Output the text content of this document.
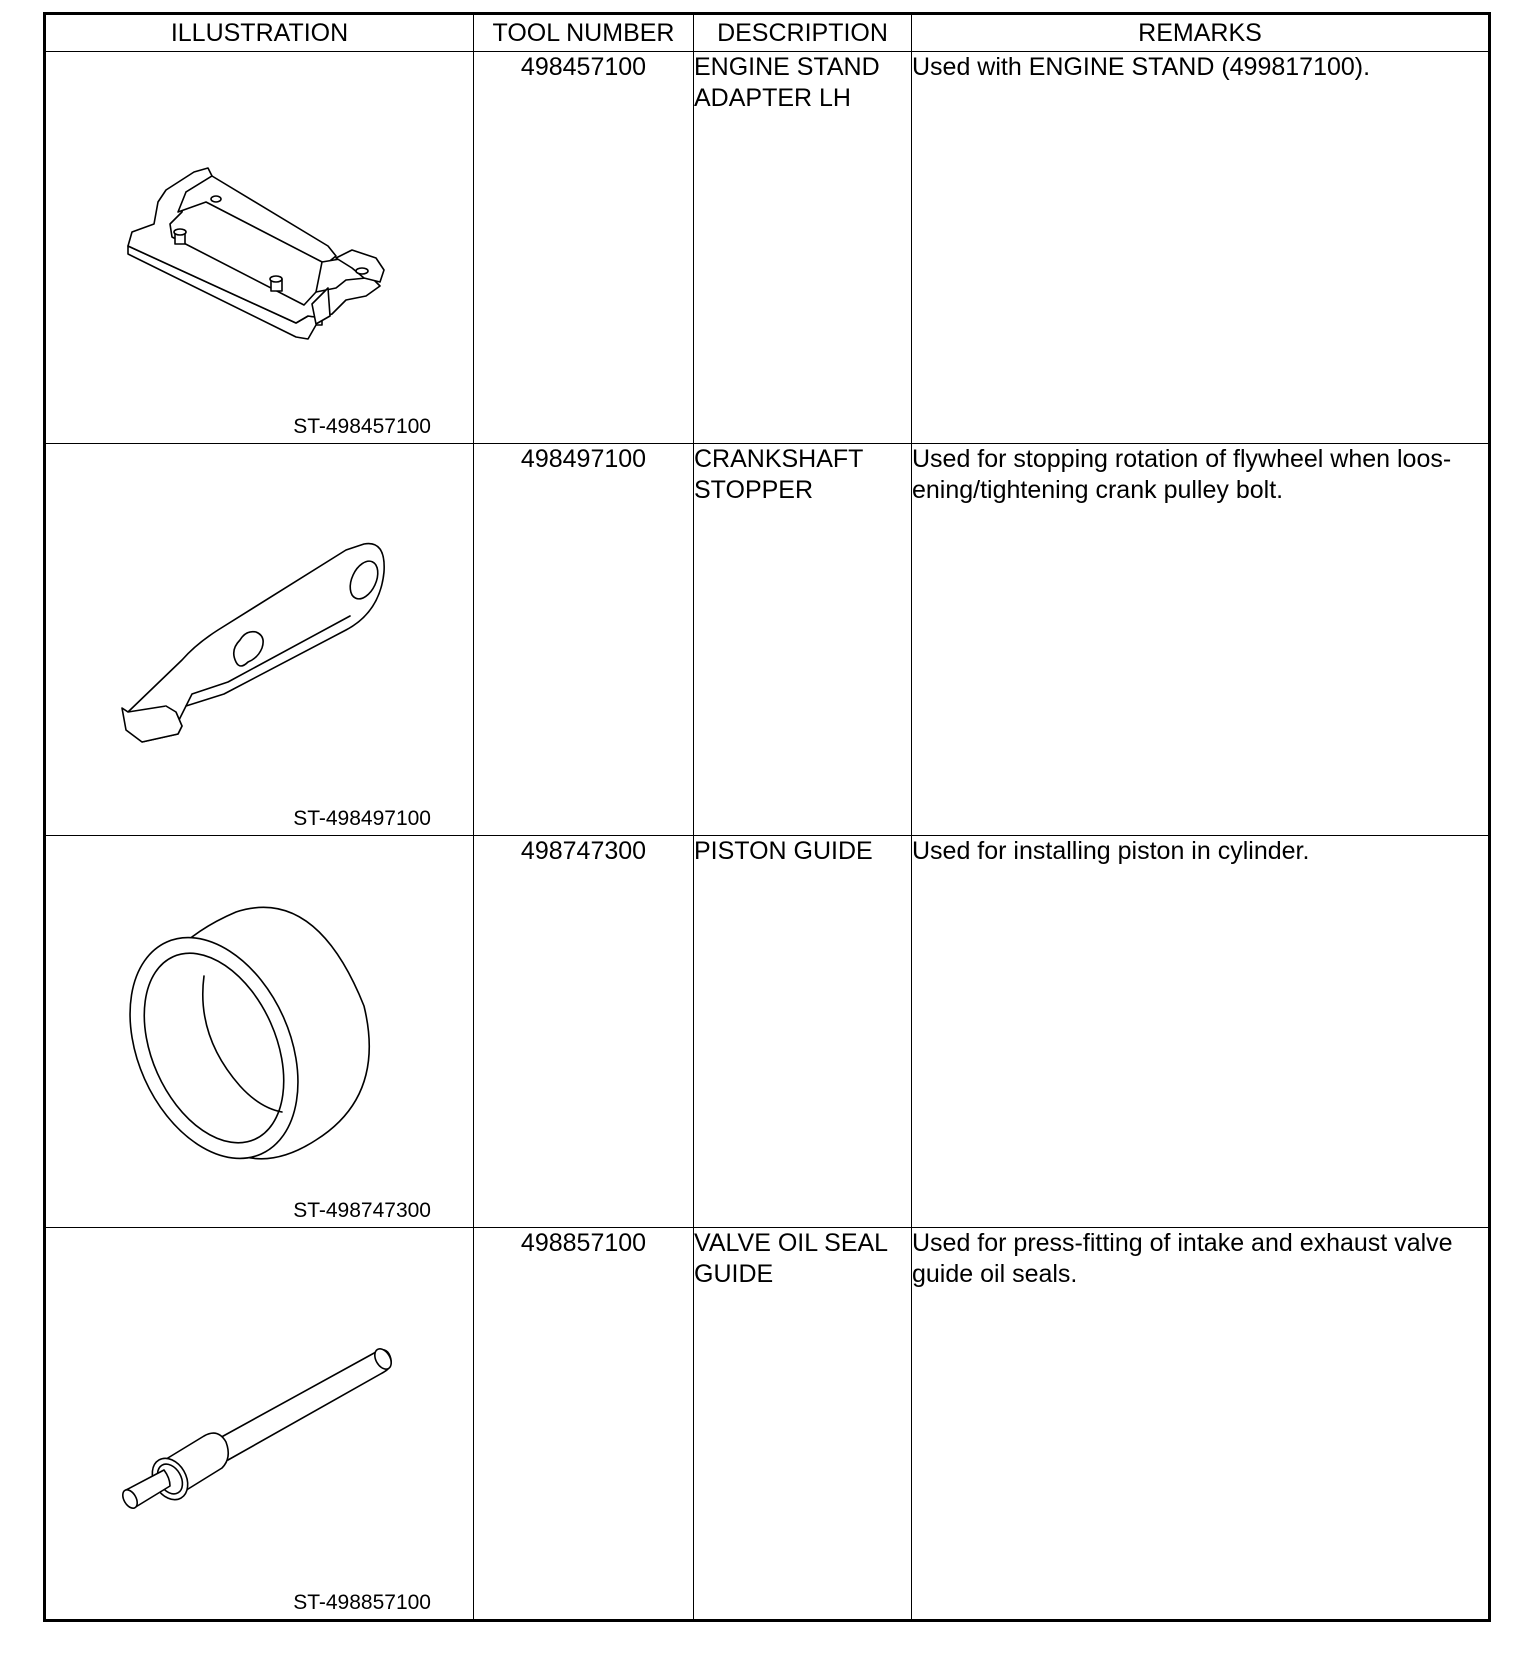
ILLUSTRATION	TOOL NUMBER	DESCRIPTION	REMARKS

ST-498457100	498457100	ENGINE STAND ADAPTER LH	Used with ENGINE STAND (499817100).

ST-498497100	498497100	CRANKSHAFT STOPPER	Used for stopping rotation of flywheel when loos-ening/tightening crank pulley bolt.

ST-498747300	498747300	PISTON GUIDE	Used for installing piston in cylinder.

ST-498857100	498857100	VALVE OIL SEAL GUIDE	Used for press-fitting of intake and exhaust valve guide oil seals.
